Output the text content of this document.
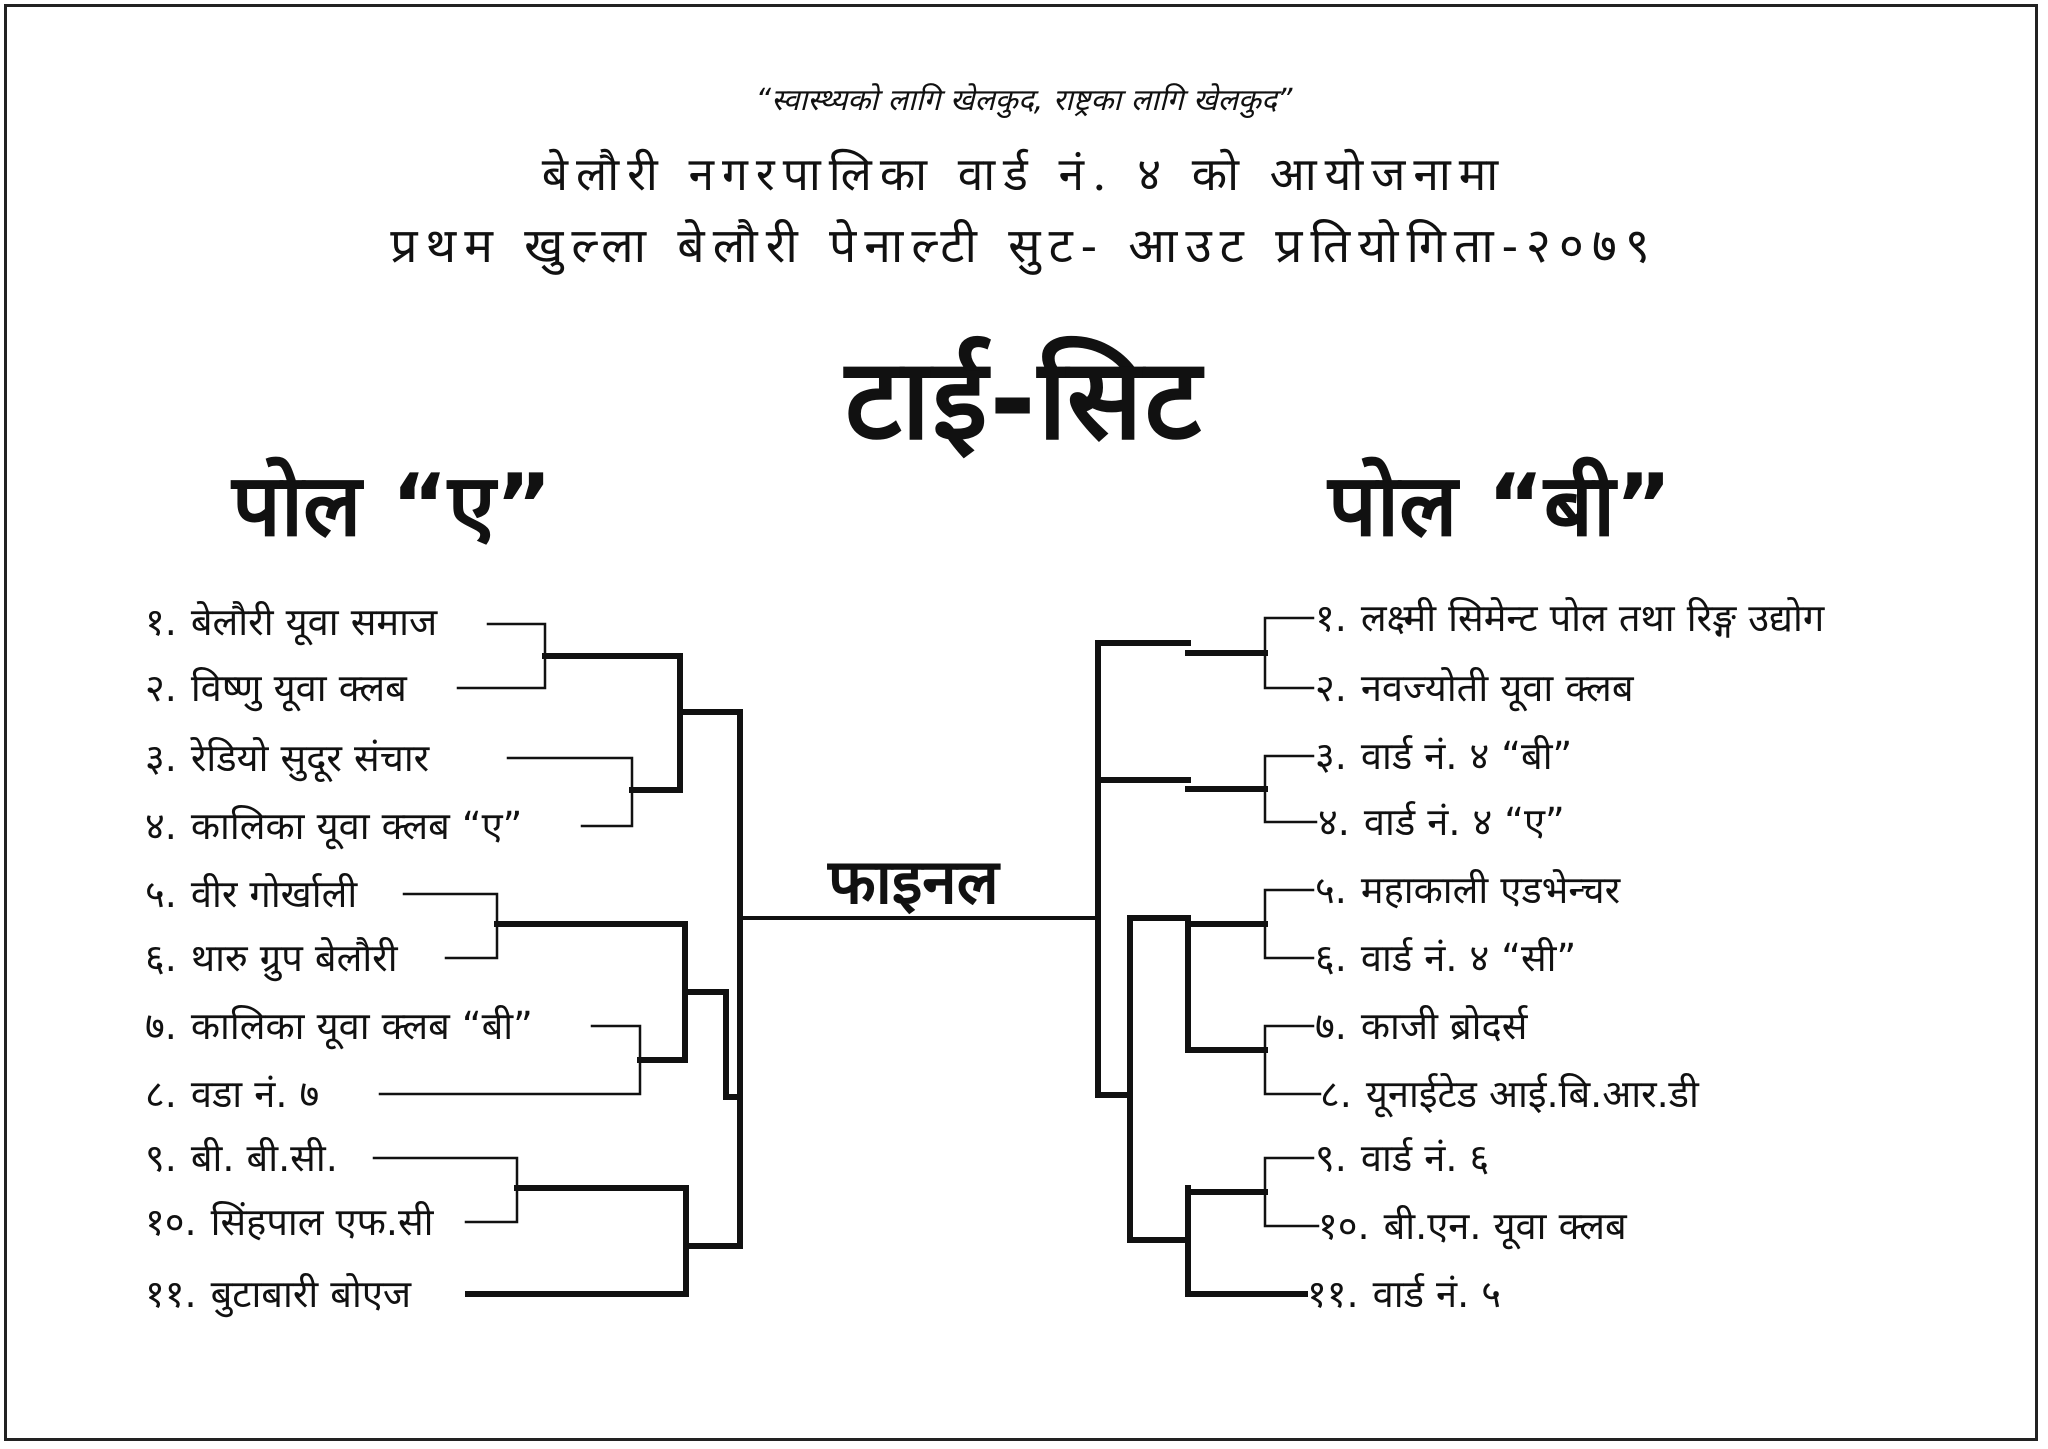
“स्वास्थ्यको लागि खेलकुद, राष्ट्रका लागि खेलकुद”
बेलौरी नगरपालिका वार्ड नं. ४ को आयोजनामा
प्रथम खुल्ला बेलौरी पेनाल्टी सुट- आउट प्रतियोगिता-२०७९
टाई-सिट
पोल “ए”	पोल “बी”
फाइनल
१. बेलौरी यूवा समाज
२. विष्णु यूवा क्लब
३. रेडियो सुदूर संचार
४. कालिका यूवा क्लब “ए”
५. वीर गोर्खाली
६. थारु ग्रुप बेलौरी
७. कालिका यूवा क्लब “बी”
८. वडा नं. ७
९. बी. बी.सी.
१०. सिंहपाल एफ.सी
११. बुटाबारी बोएज
१. लक्ष्मी सिमेन्ट पोल तथा रिङ्ग उद्योग
२. नवज्योती यूवा क्लब
३. वार्ड नं. ४ “बी”
४. वार्ड नं. ४ “ए”
५. महाकाली एडभेन्चर
६. वार्ड नं. ४ “सी”
७. काजी ब्रोदर्स
८. यूनाईटेड आई.बि.आर.डी
९. वार्ड नं. ६
१०. बी.एन. यूवा क्लब
११. वार्ड नं. ५
